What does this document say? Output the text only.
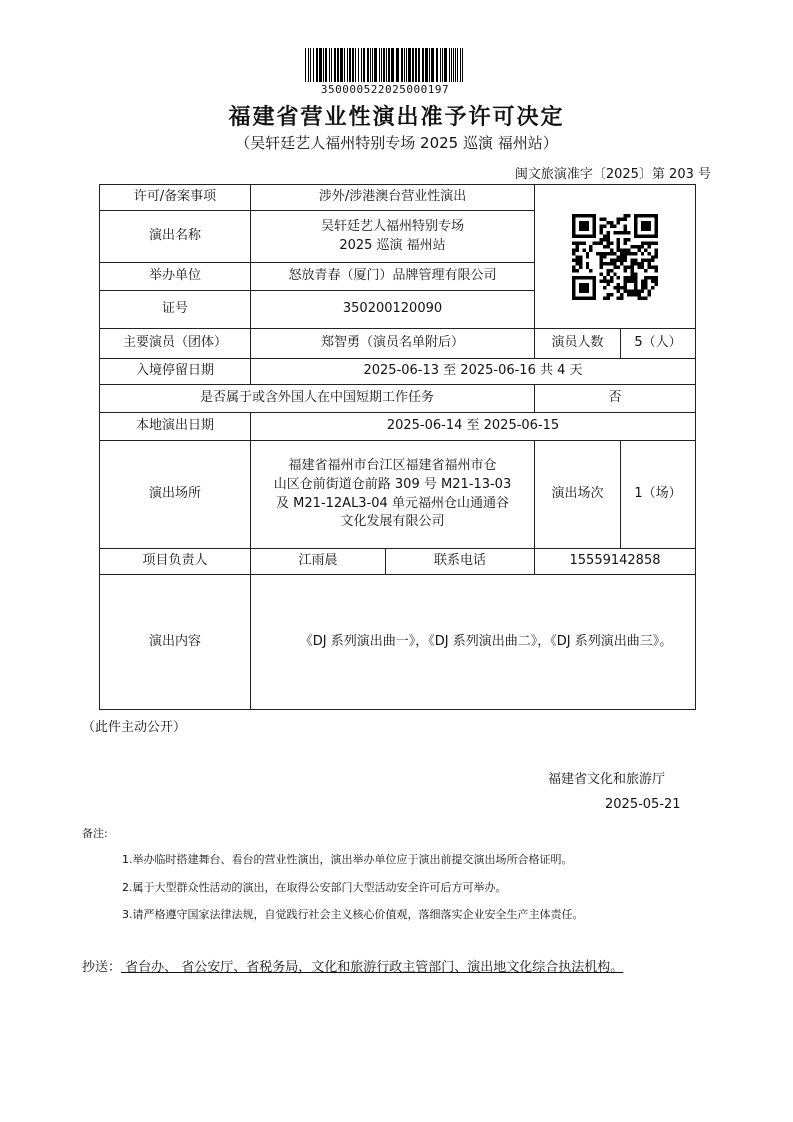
350000522025000197
福建省营业性演出准予许可决定
（吴轩廷艺人福州特别专场 2025 巡演 福州站）
闽文旅演准字〔2025〕第 203 号
许可/备案事项	涉外/涉港澳台营业性演出	

演出名称	吴轩廷艺人福州特别专场
2025 巡演 福州站			

举办单位	怒放青春（厦门）品牌管理有限公司			
证号	350200120090			
主要演员（团体）	郑智勇（演员名单附后）		演员人数	5（人）
入境停留日期	2025-06-13 至 2025-06-16 共 4 天			
是否属于或含外国人在中国短期工作任务			否	
本地演出日期	2025-06-14 至 2025-06-15			
演出场所	福建省福州市台江区福建省福州市仓
山区仓前街道仓前路 309 号 M21-13-03
及 M21-12AL3-04 单元福州仓山通通谷
文化发展有限公司		演出场次	1（场）
项目负责人	江雨晨	联系电话	15559142858	
演出内容	《DJ 系列演出曲一》，《DJ 系列演出曲二》，《DJ 系列演出曲三》。			
（此件主动公开）
福建省文化和旅游厅
2025-05-21
备注:
1.举办临时搭建舞台、看台的营业性演出，演出举办单位应于演出前提交演出场所合格证明。
2.属于大型群众性活动的演出，在取得公安部门大型活动安全许可后方可举办。
3.请严格遵守国家法律法规，自觉践行社会主义核心价值观，落细落实企业安全生产主体责任。
抄送： 省台办、 省公安厅、省税务局，文化和旅游行政主管部门、演出地文化综合执法机构。
